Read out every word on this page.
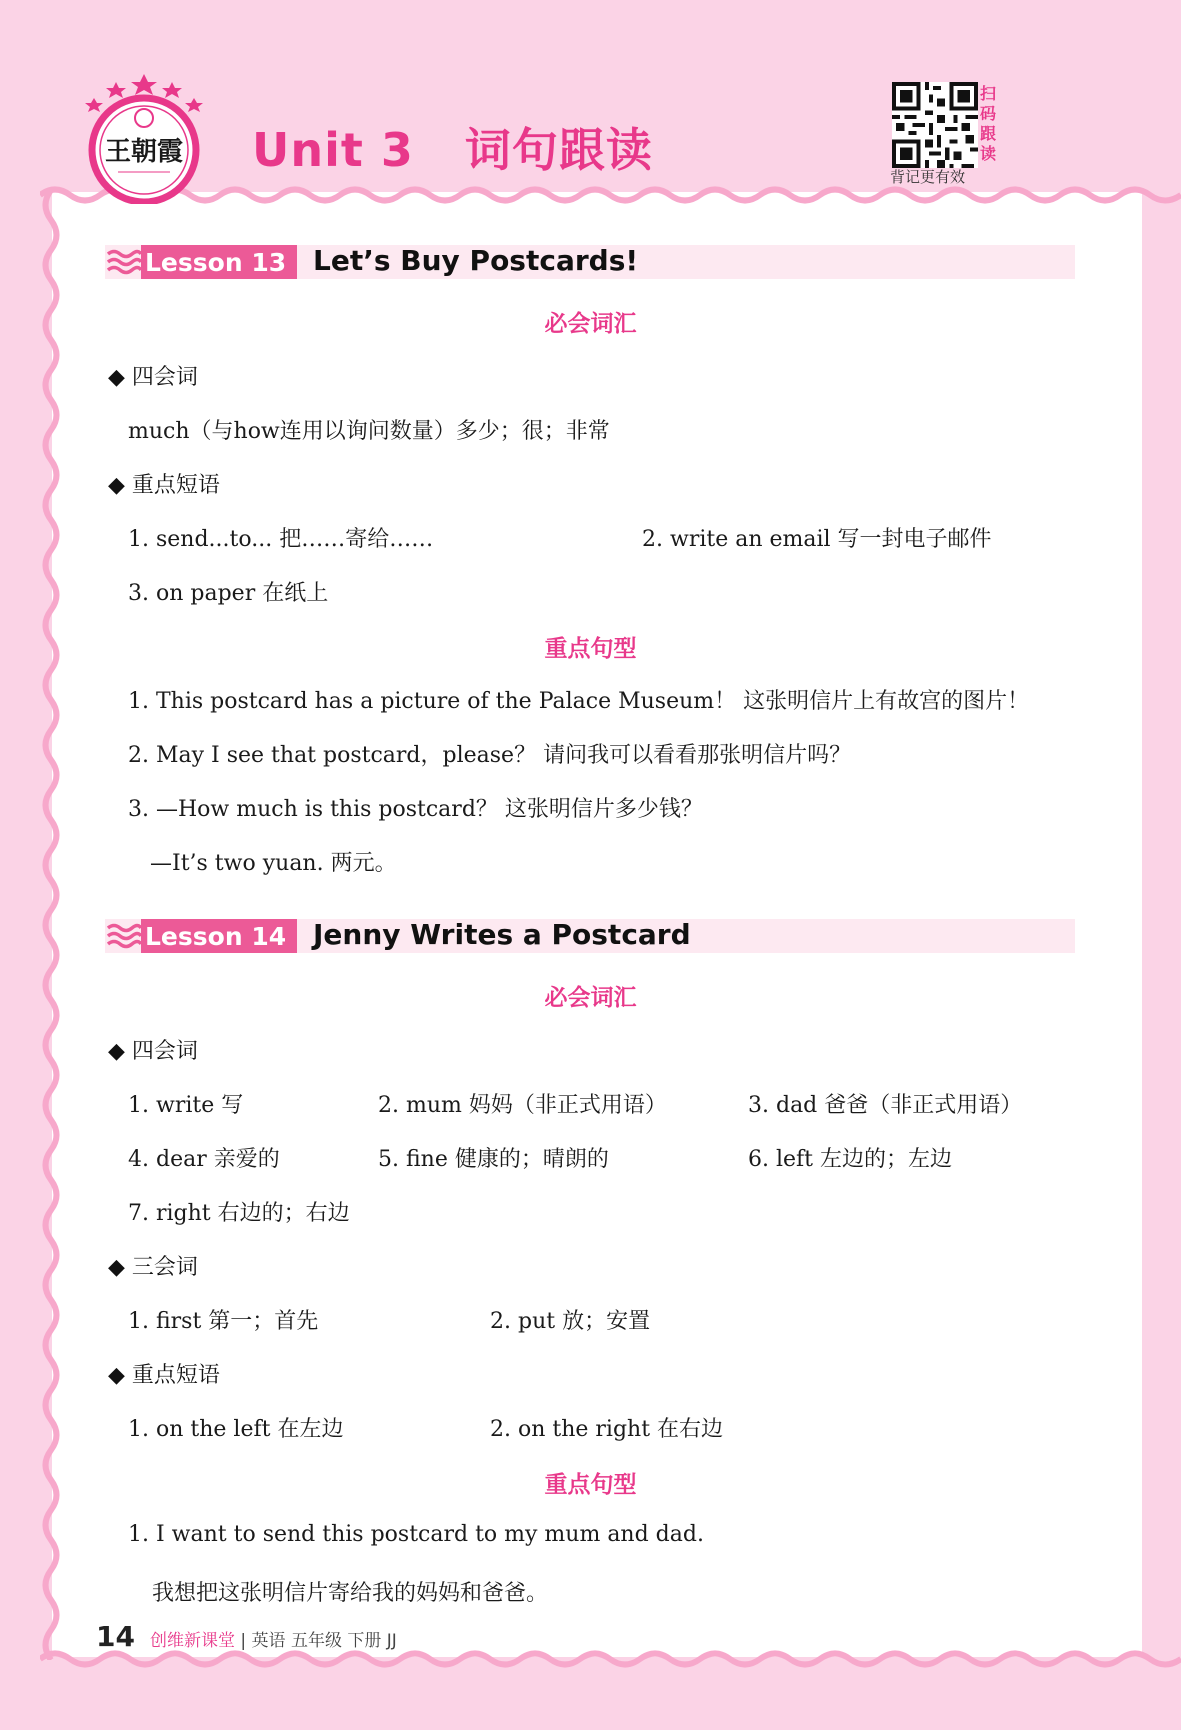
王朝霞 Unit 3   词句跟读
扫
码
跟
读
背记更有效
Lesson 13 Let’s Buy Postcards!
必会词汇
◆ 四会词
much（与how连用以询问数量）多少；很；非常
◆ 重点短语
1. send...to... 把……寄给……	2. write an email 写一封电子邮件
3. on paper 在纸上
重点句型
1. This postcard has a picture of the Palace Museum！ 这张明信片上有故宫的图片！
2. May I see that postcard，please？ 请问我可以看看那张明信片吗？
3. —How much is this postcard？ 这张明信片多少钱？
—It’s two yuan. 两元。
Lesson 14 Jenny Writes a Postcard
必会词汇
◆ 四会词
1. write 写	2. mum 妈妈（非正式用语）	3. dad 爸爸（非正式用语）
4. dear 亲爱的	5. fine 健康的；晴朗的	6. left 左边的；左边
7. right 右边的；右边
◆ 三会词
1. first 第一；首先	2. put 放；安置
◆ 重点短语
1. on the left 在左边	2. on the right 在右边
重点句型
1. I want to send this postcard to my mum and dad.
我想把这张明信片寄给我的妈妈和爸爸。
14 创维新课堂 | 英语 五年级 下册 JJ
